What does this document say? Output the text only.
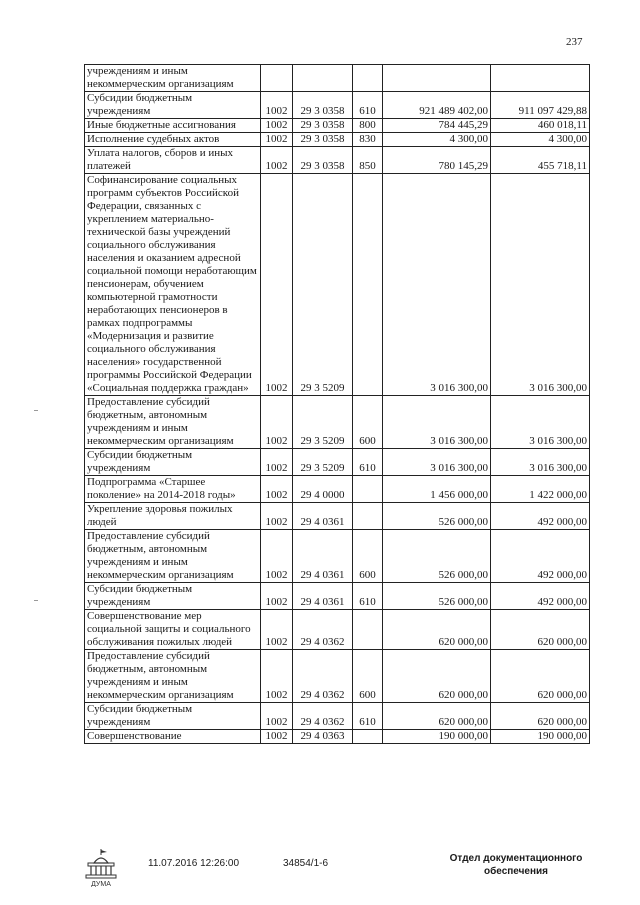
237
учреждениям и иным некоммерческим организациям					
Субсидии бюджетным учреждениям	1002	29 3 0358	610	921 489 402,00	911 097 429,88
Иные бюджетные ассигнования	1002	29 3 0358	800	784 445,29	460 018,11
Исполнение судебных актов	1002	29 3 0358	830	4 300,00	4 300,00
Уплата налогов, сборов и иных платежей	1002	29 3 0358	850	780 145,29	455 718,11
Софинансирование социальных программ субъектов Российской Федерации, связанных с укреплением материально-технической базы учреждений социального обслуживания населения и оказанием адресной социальной помощи неработающим пенсионерам, обучением компьютерной грамотности неработающих пенсионеров в рамках подпрограммы «Модернизация и развитие социального обслуживания населения» государственной программы Российской Федерации «Социальная поддержка граждан»	1002	29 3 5209		3 016 300,00	3 016 300,00
Предоставление субсидий бюджетным, автономным учреждениям и иным некоммерческим организациям	1002	29 3 5209	600	3 016 300,00	3 016 300,00
Субсидии бюджетным учреждениям	1002	29 3 5209	610	3 016 300,00	3 016 300,00
Подпрограмма «Старшее поколение» на 2014-2018 годы»	1002	29 4 0000		1 456 000,00	1 422 000,00
Укрепление здоровья пожилых людей	1002	29 4 0361		526 000,00	492 000,00
Предоставление субсидий бюджетным, автономным учреждениям и иным некоммерческим организациям	1002	29 4 0361	600	526 000,00	492 000,00
Субсидии бюджетным учреждениям	1002	29 4 0361	610	526 000,00	492 000,00
Совершенствование мер социальной защиты и социального обслуживания пожилых людей	1002	29 4 0362		620 000,00	620 000,00
Предоставление субсидий бюджетным, автономным учреждениям и иным некоммерческим организациям	1002	29 4 0362	600	620 000,00	620 000,00
Субсидии бюджетным учреждениям	1002	29 4 0362	610	620 000,00	620 000,00
Совершенствование	1002	29 4 0363		190 000,00	190 000,00
ДУМА
11.07.2016 12:26:00	34854/1-6	Отдел документационного
обеспечения
